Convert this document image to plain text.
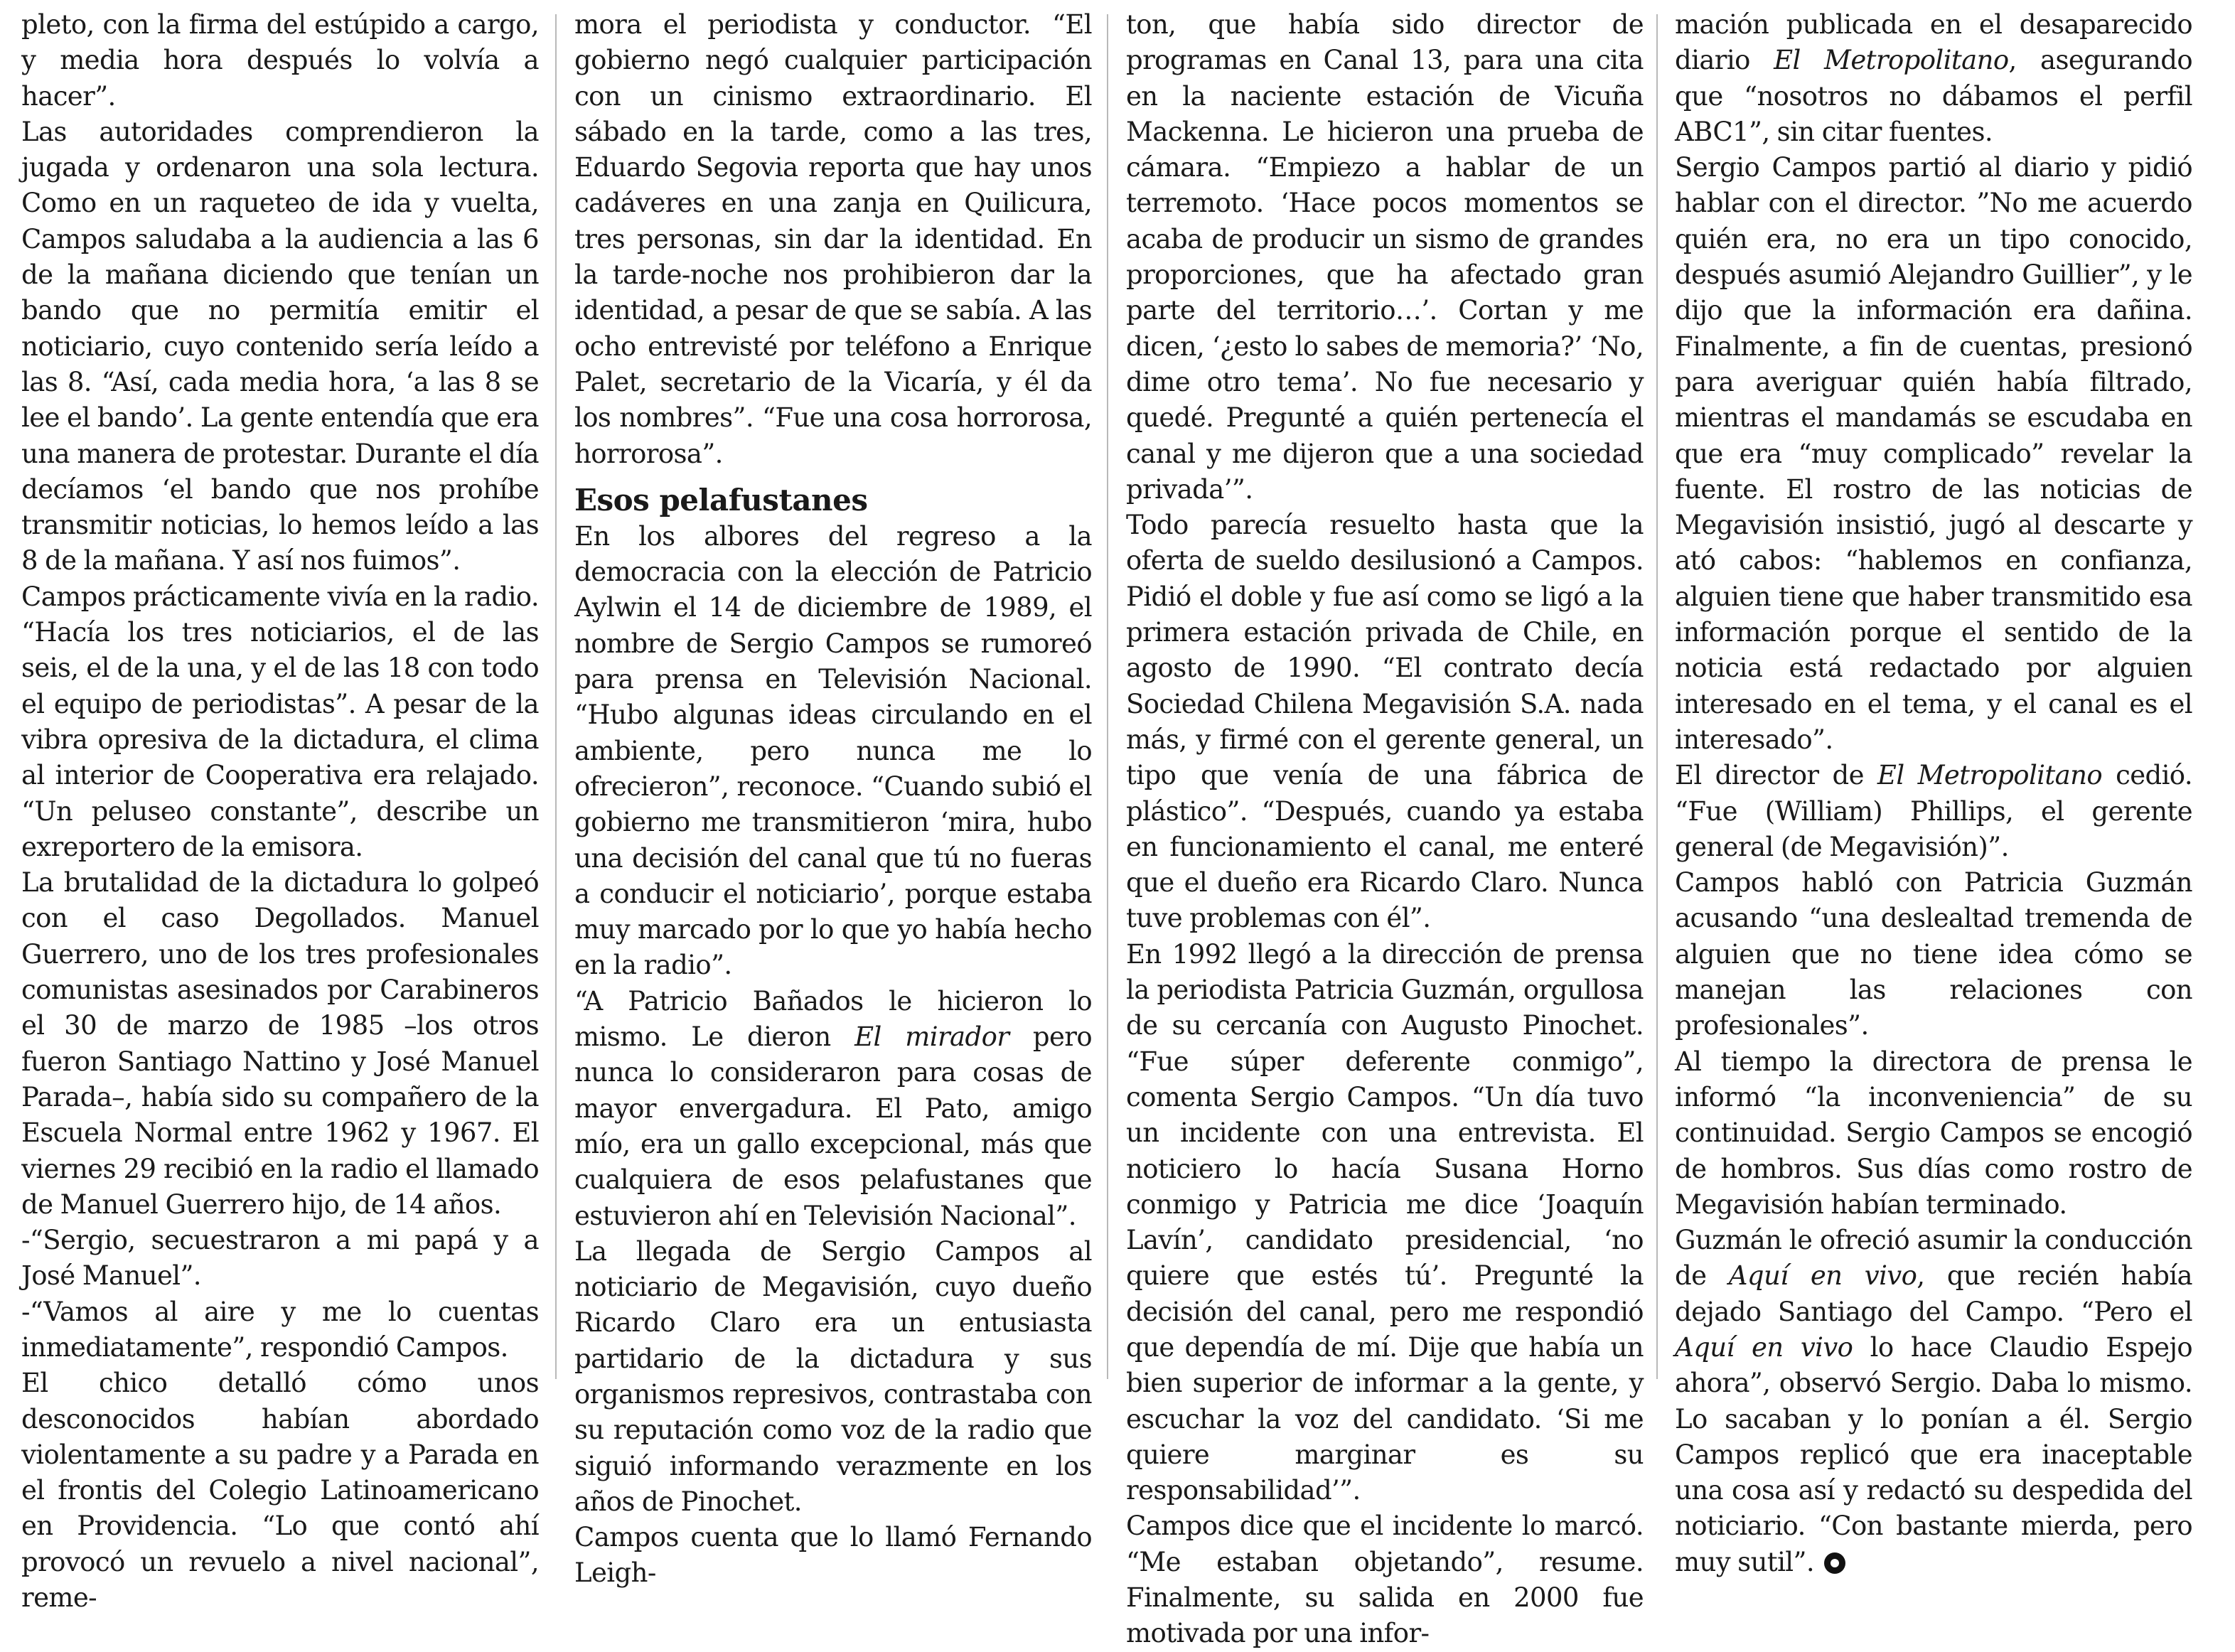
pleto, con la firma del estúpido a cargo, y media hora después lo volvía a hacer”.

Las autoridades comprendieron la jugada y ordenaron una sola lectura. Como en un raqueteo de ida y vuelta, Campos saludaba a la audiencia a las 6 de la mañana diciendo que tenían un bando que no permitía emitir el noticiario, cuyo contenido sería leído a las 8. “Así, cada media hora, ‘a las 8 se lee el bando’. La gente entendía que era una manera de protestar. Durante el día decíamos ‘el bando que nos prohíbe transmitir noticias, lo hemos leído a las 8 de la mañana. Y así nos fuimos”.

Campos prácticamente vivía en la radio. “Hacía los tres noticiarios, el de las seis, el de la una, y el de las 18 con todo el equipo de periodistas”. A pesar de la vibra opresiva de la dictadura, el clima al interior de Cooperativa era relajado. “Un peluseo constante”, describe un exreportero de la emisora.

La brutalidad de la dictadura lo golpeó con el caso Degollados. Manuel Guerrero, uno de los tres profesionales comunistas asesinados por Carabineros el 30 de marzo de 1985 –los otros fueron Santiago Nattino y José Manuel Parada–, había sido su compañero de la Escuela Normal entre 1962 y 1967. El viernes 29 recibió en la radio el llamado de Manuel Guerrero hijo, de 14 años.

-“Sergio, secuestraron a mi papá y a José Manuel”.

-“Vamos al aire y me lo cuentas inmediatamente”, respondió Campos.

El chico detalló cómo unos desconocidos habían abordado violentamente a su padre y a Parada en el frontis del Colegio Latinoamericano en Providencia. “Lo que contó ahí provocó un revuelo a nivel nacional”, reme-

mora el periodista y conductor. “El gobierno negó cualquier participación con un cinismo extraordinario. El sábado en la tarde, como a las tres, Eduardo Segovia reporta que hay unos cadáveres en una zanja en Quilicura, tres personas, sin dar la identidad. En la tarde-noche nos prohibieron dar la identidad, a pesar de que se sabía. A las ocho entrevisté por teléfono a Enrique Palet, secretario de la Vicaría, y él da los nombres”. “Fue una cosa horrorosa, horrorosa”.

Esos pelafustanes

En los albores del regreso a la democracia con la elección de Patricio Aylwin el 14 de diciembre de 1989, el nombre de Sergio Campos se rumoreó para prensa en Televisión Nacional. “Hubo algunas ideas circulando en el ambiente, pero nunca me lo ofrecieron”, reconoce. “Cuando subió el gobierno me transmitieron ‘mira, hubo una decisión del canal que tú no fueras a conducir el noticiario’, porque estaba muy marcado por lo que yo había hecho en la radio”.

“A Patricio Bañados le hicieron lo mismo. Le dieron El mirador pero nunca lo consideraron para cosas de mayor envergadura. El Pato, amigo mío, era un gallo excepcional, más que cualquiera de esos pelafustanes que estuvieron ahí en Televisión Nacional”.

La llegada de Sergio Campos al noticiario de Megavisión, cuyo dueño Ricardo Claro era un entusiasta partidario de la dictadura y sus organismos represivos, contrastaba con su reputación como voz de la radio que siguió informando verazmente en los años de Pinochet.

Campos cuenta que lo llamó Fernando Leigh-

ton, que había sido director de programas en Canal 13, para una cita en la naciente estación de Vicuña Mackenna. Le hicieron una prueba de cámara. “Empiezo a hablar de un terremoto. ‘Hace pocos momentos se acaba de producir un sismo de grandes proporciones, que ha afectado gran parte del territorio…’. Cortan y me dicen, ‘¿esto lo sabes de memoria?’ ‘No, dime otro tema’. No fue necesario y quedé. Pregunté a quién pertenecía el canal y me dijeron que a una sociedad privada’”.

Todo parecía resuelto hasta que la oferta de sueldo desilusionó a Campos. Pidió el doble y fue así como se ligó a la primera estación privada de Chile, en agosto de 1990. “El contrato decía Sociedad Chilena Megavisión S.A. nada más, y firmé con el gerente general, un tipo que venía de una fábrica de plástico”. “Después, cuando ya estaba en funcionamiento el canal, me enteré que el dueño era Ricardo Claro. Nunca tuve problemas con él”.

En 1992 llegó a la dirección de prensa la periodista Patricia Guzmán, orgullosa de su cercanía con Augusto Pinochet. “Fue súper deferente conmigo”, comenta Sergio Campos. “Un día tuvo un incidente con una entrevista. El noticiero lo hacía Susana Horno conmigo y Patricia me dice ‘Joaquín Lavín’, candidato presidencial, ‘no quiere que estés tú’. Pregunté la decisión del canal, pero me respondió que dependía de mí. Dije que había un bien superior de informar a la gente, y escuchar la voz del candidato. ‘Si me quiere marginar es su responsabilidad’”.

Campos dice que el incidente lo marcó. “Me estaban objetando”, resume. Finalmente, su salida en 2000 fue motivada por una infor-

mación publicada en el desaparecido diario El Metropolitano, asegurando que “nosotros no dábamos el perfil ABC1”, sin citar fuentes.

Sergio Campos partió al diario y pidió hablar con el director. ”No me acuerdo quién era, no era un tipo conocido, después asumió Alejandro Guillier”, y le dijo que la información era dañina. Finalmente, a fin de cuentas, presionó para averiguar quién había filtrado, mientras el mandamás se escudaba en que era “muy complicado” revelar la fuente. El rostro de las noticias de Megavisión insistió, jugó al descarte y ató cabos: “hablemos en confianza, alguien tiene que haber transmitido esa información porque el sentido de la noticia está redactado por alguien interesado en el tema, y el canal es el interesado”.

El director de El Metropolitano cedió. “Fue (William) Phillips, el gerente general (de Megavisión)”.

Campos habló con Patricia Guzmán acusando “una deslealtad tremenda de alguien que no tiene idea cómo se manejan las relaciones con profesionales”.

Al tiempo la directora de prensa le informó “la inconveniencia” de su continuidad. Sergio Campos se encogió de hombros. Sus días como rostro de Megavisión habían terminado.

Guzmán le ofreció asumir la conducción de Aquí en vivo, que recién había dejado Santiago del Campo. “Pero el Aquí en vivo lo hace Claudio Espejo ahora”, observó Sergio. Daba lo mismo. Lo sacaban y lo ponían a él. Sergio Campos replicó que era inaceptable una cosa así y redactó su despedida del noticiario. “Con bastante mierda, pero muy sutil”.
